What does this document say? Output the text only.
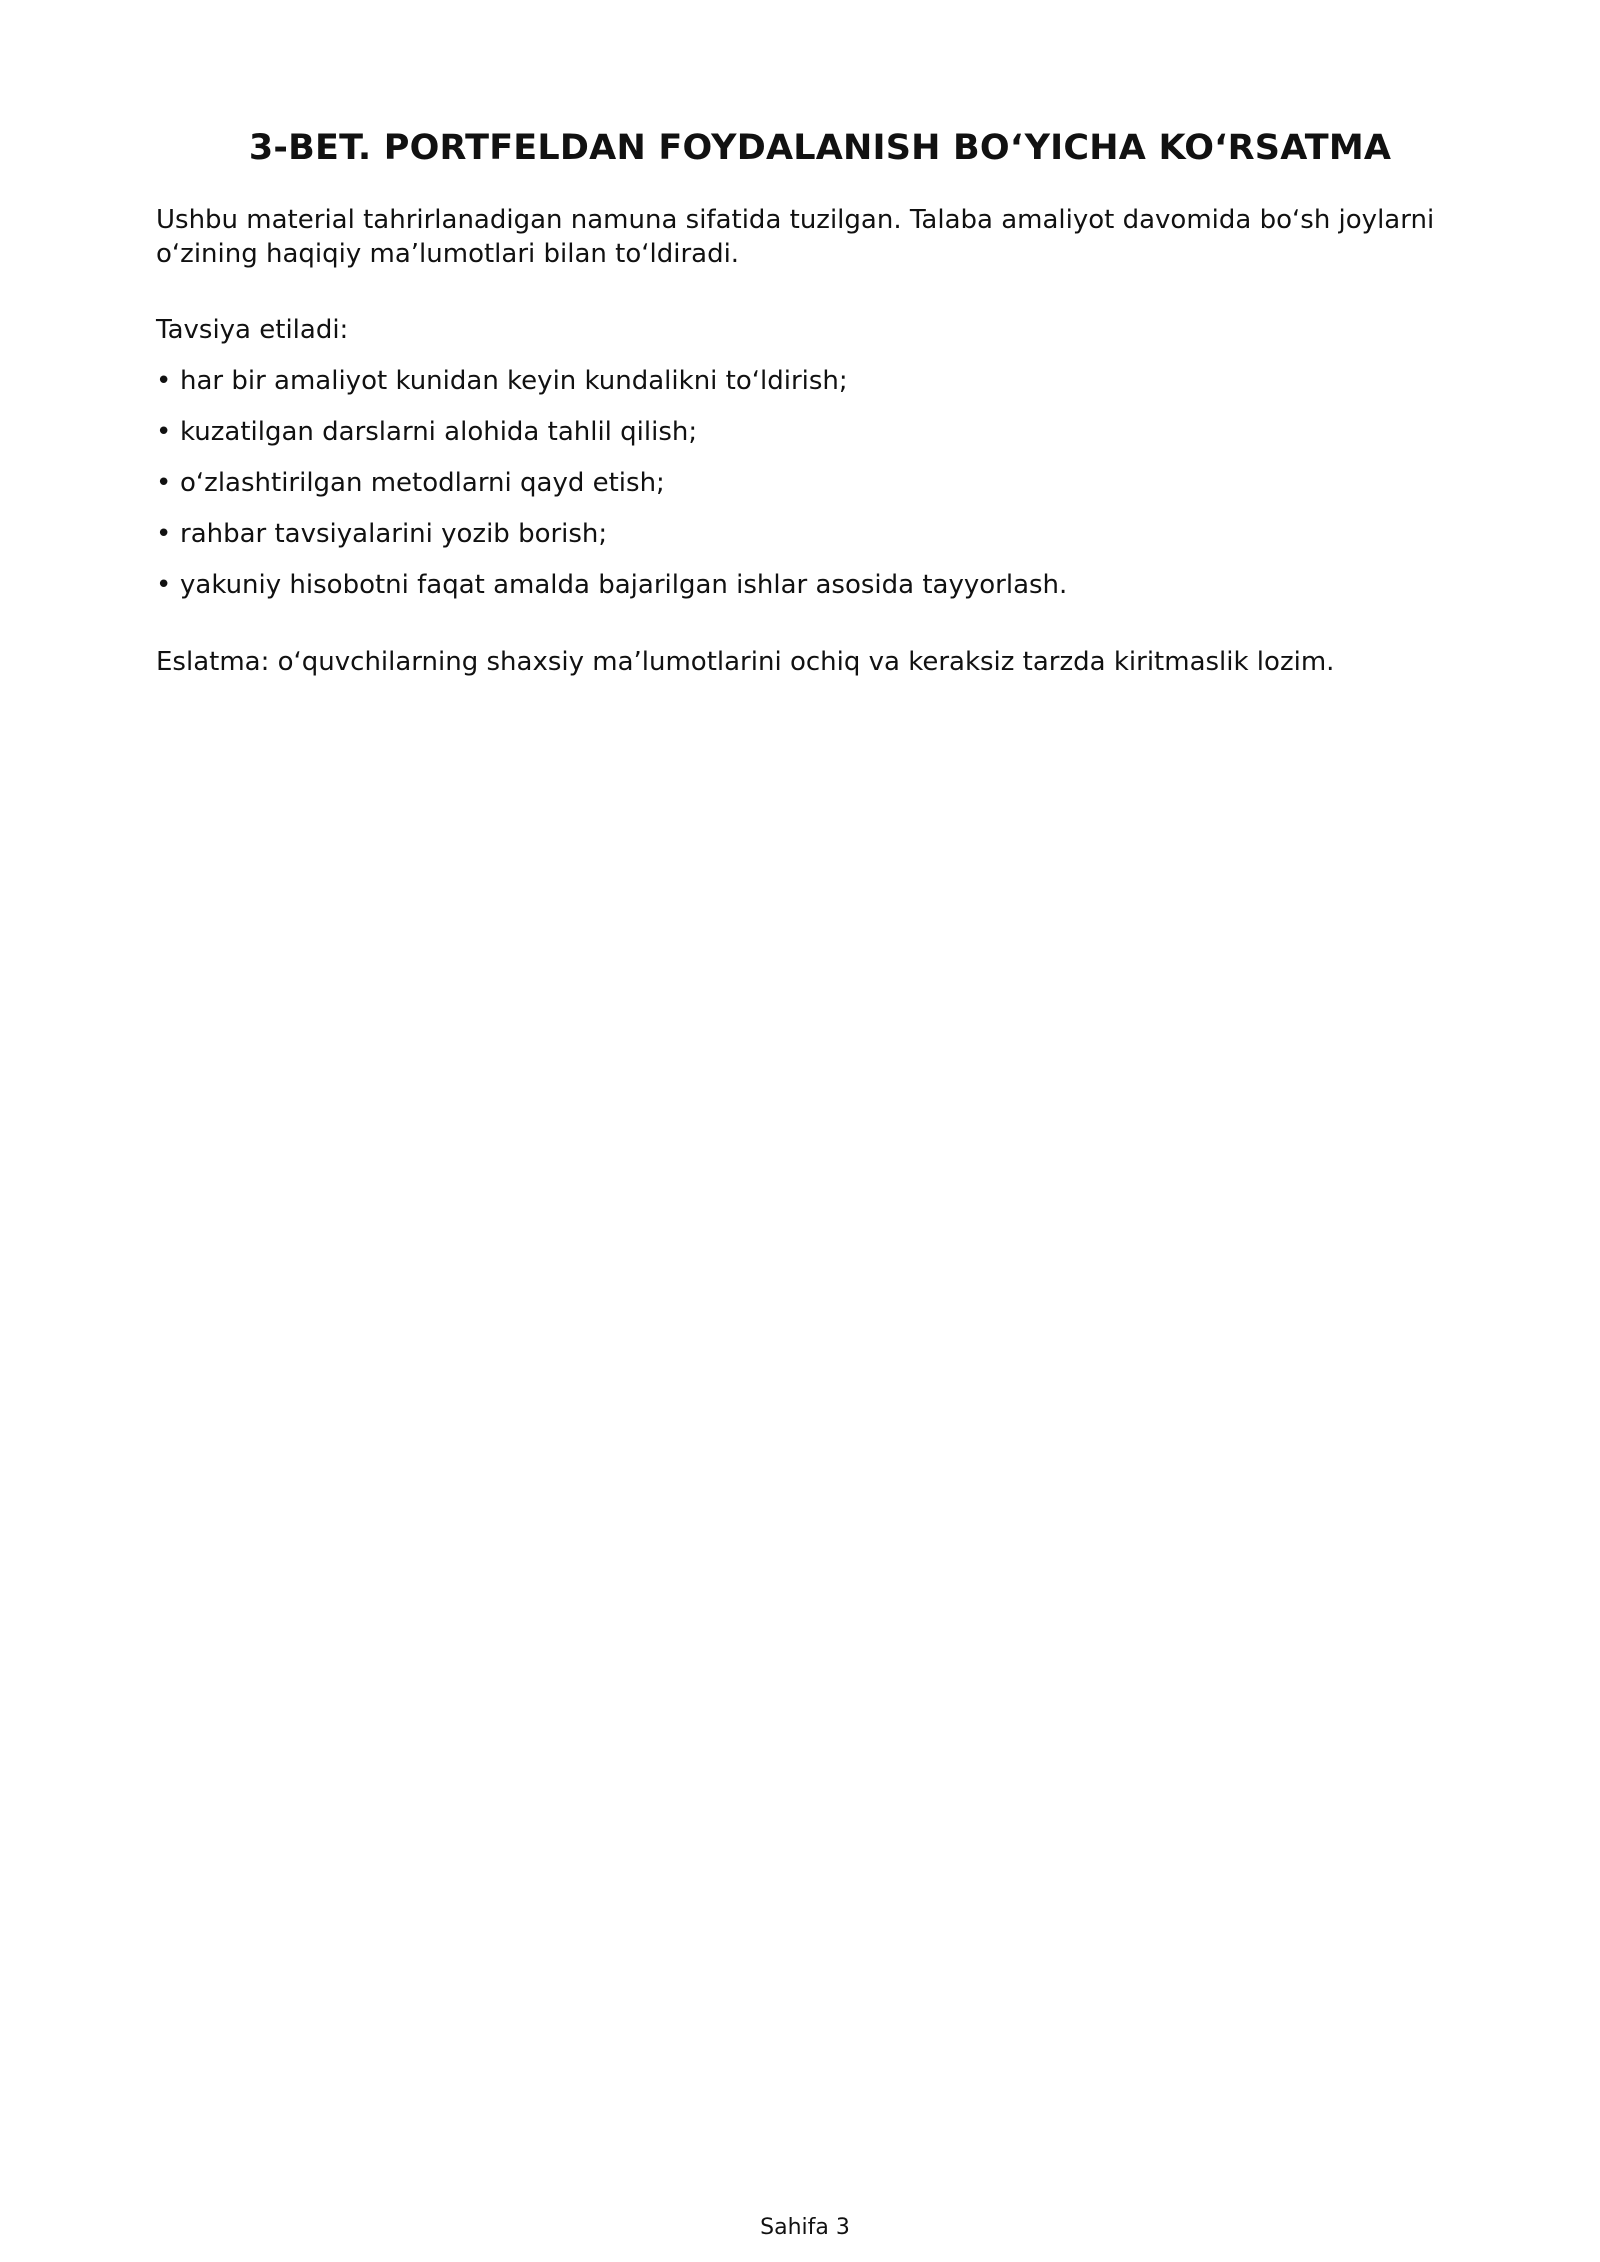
3-BET. PORTFELDAN FOYDALANISH BOʻYICHA KOʻRSATMA

Ushbu material tahrirlanadigan namuna sifatida tuzilgan. Talaba amaliyot davomida boʻsh joylarni oʻzining haqiqiy maʼlumotlari bilan toʻldiradi.

Tavsiya etiladi:

• har bir amaliyot kunidan keyin kundalikni toʻldirish;
• kuzatilgan darslarni alohida tahlil qilish;
• oʻzlashtirilgan metodlarni qayd etish;
• rahbar tavsiyalarini yozib borish;
• yakuniy hisobotni faqat amalda bajarilgan ishlar asosida tayyorlash.

Eslatma: oʻquvchilarning shaxsiy maʼlumotlarini ochiq va keraksiz tarzda kiritmaslik lozim.

Sahifa 3
